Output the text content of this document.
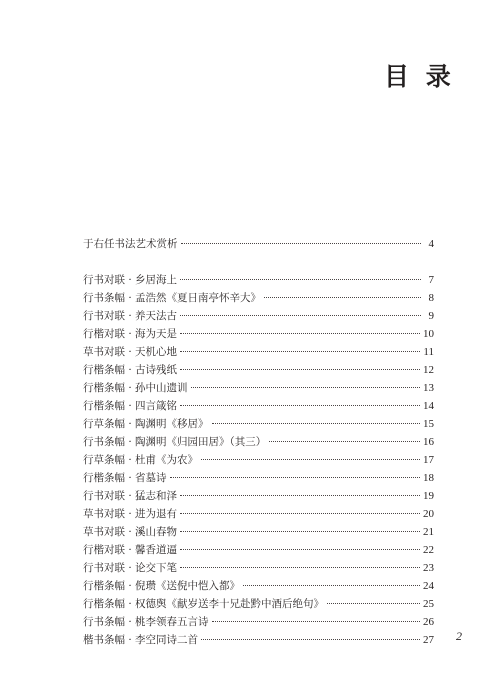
目 录
于右任书法艺术赏析	4
行书对联 · 乡居海上	7
行书条幅 · 孟浩然《夏日南亭怀辛大》	8
行书对联 · 养天法古	9
行楷对联 · 海为天是	10
草书对联 · 天机心地	11
行楷条幅 · 古诗残纸	12
行楷条幅 · 孙中山遗训	13
行楷条幅 · 四言箴铭	14
行草条幅 · 陶渊明《移居》	15
行书条幅 · 陶渊明《归园田居》（其三）	16
行草条幅 · 杜甫《为农》	17
行楷条幅 · 省墓诗	18
行书对联 · 猛志和泽	19
草书对联 · 进为退有	20
草书对联 · 溪山春物	21
行楷对联 · 馨香道逼	22
行书对联 · 论交下笔	23
行楷条幅 · 倪瓒《送倪中恺入都》	24
行楷条幅 · 权德舆《献岁送李十兄赴黔中酒后绝句》	25
行书条幅 · 桃李领春五言诗	26
楷书条幅 · 李空同诗二首	27 2
